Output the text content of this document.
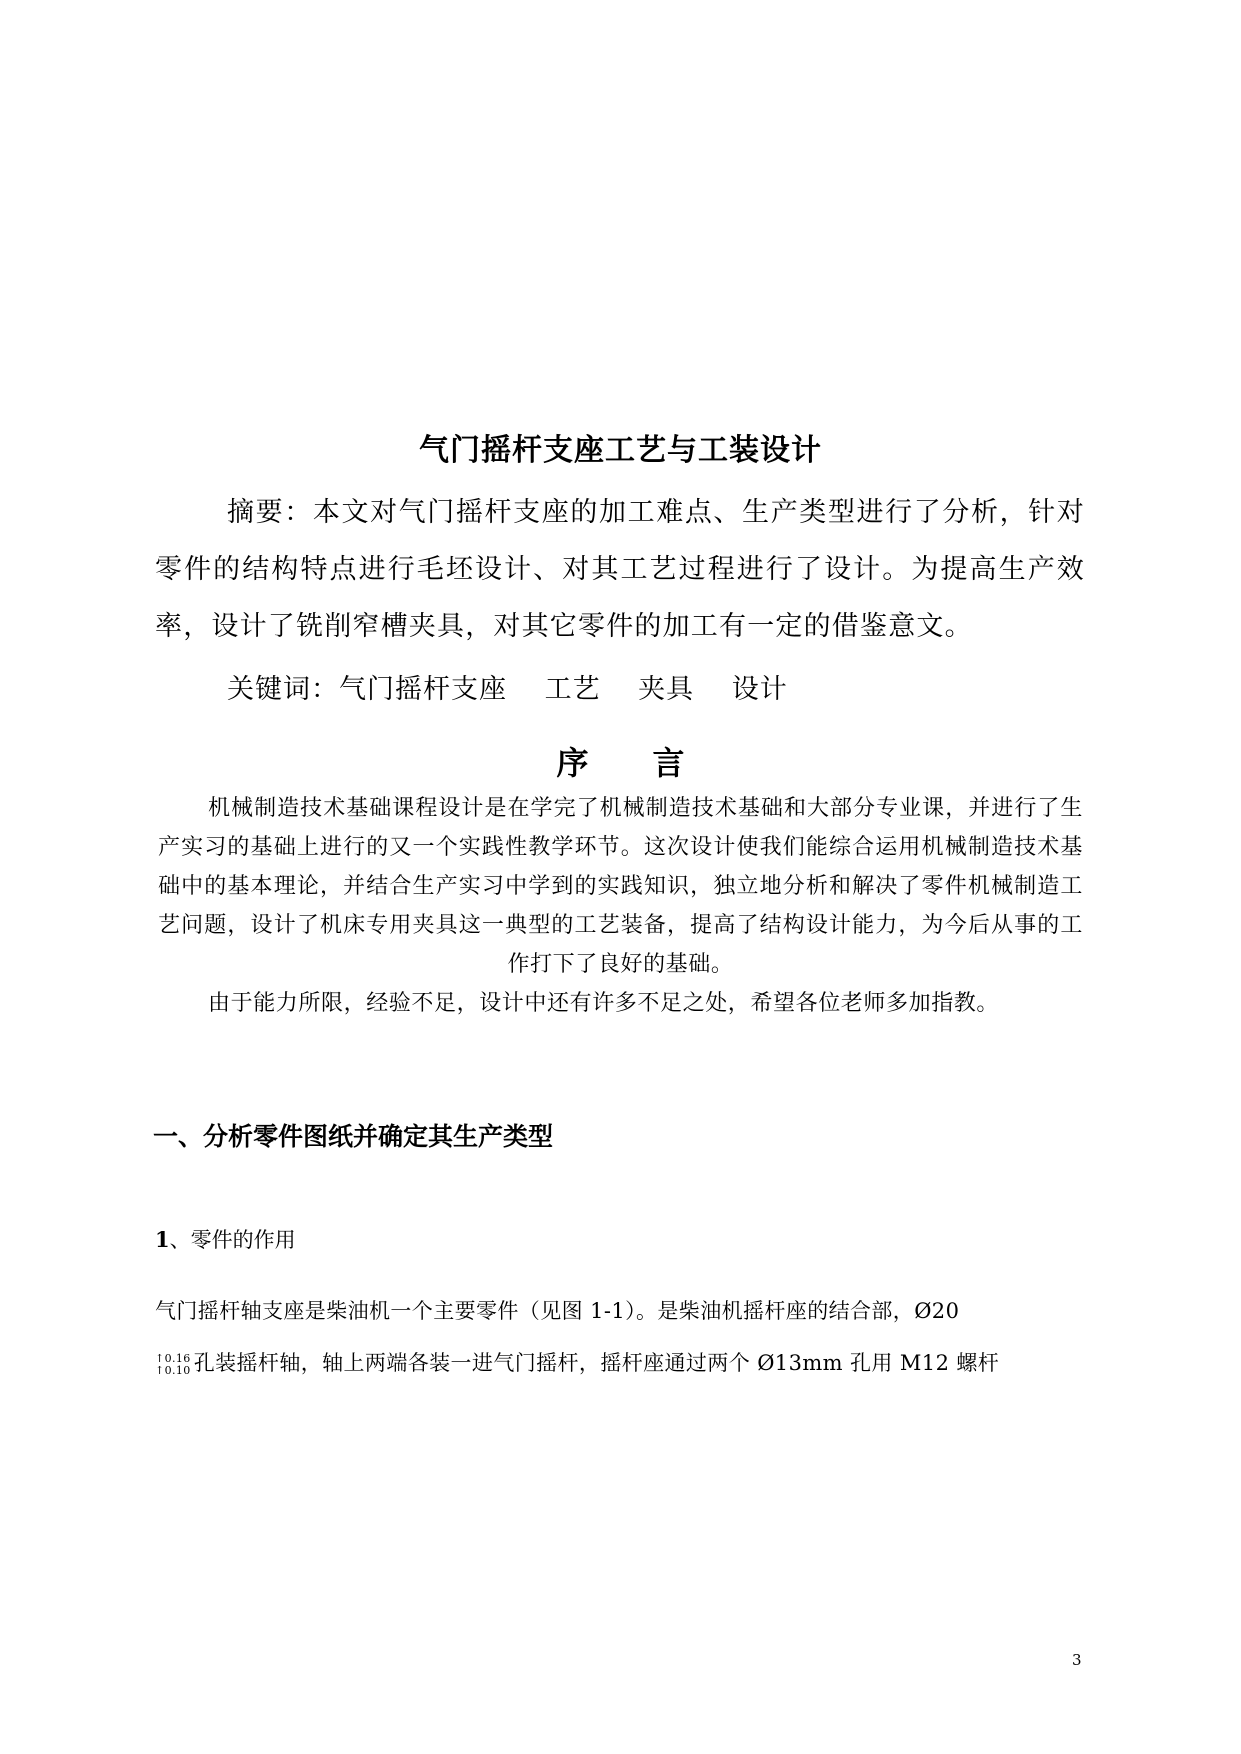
气门摇杆支座工艺与工装设计

摘要：本文对气门摇杆支座的加工难点、生产类型进行了分析，针对零件的结构特点进行毛坯设计、对其工艺过程进行了设计。为提高生产效率，设计了铣削窄槽夹具，对其它零件的加工有一定的借鉴意文。

关键词：气门摇杆支座　 工艺　 夹具　 设计

序　　言

机械制造技术基础课程设计是在学完了机械制造技术基础和大部分专业课，并进行了生产实习的基础上进行的又一个实践性教学环节。这次设计使我们能综合运用机械制造技术基础中的基本理论，并结合生产实习中学到的实践知识，独立地分析和解决了零件机械制造工艺问题，设计了机床专用夹具这一典型的工艺装备，提高了结构设计能力，为今后从事的工作打下了良好的基础。

由于能力所限，经验不足，设计中还有许多不足之处，希望各位老师多加指教。

一、分析零件图纸并确定其生产类型
1、零件的作用
气门摇杆轴支座是柴油机一个主要零件（见图 1-1）。是柴油机摇杆座的结合部，Ø20
↑0.16
↑0.10 孔装摇杆轴，轴上两端各装一进气门摇杆，摇杆座通过两个 Ø13mm 孔用 M12 螺杆
3
